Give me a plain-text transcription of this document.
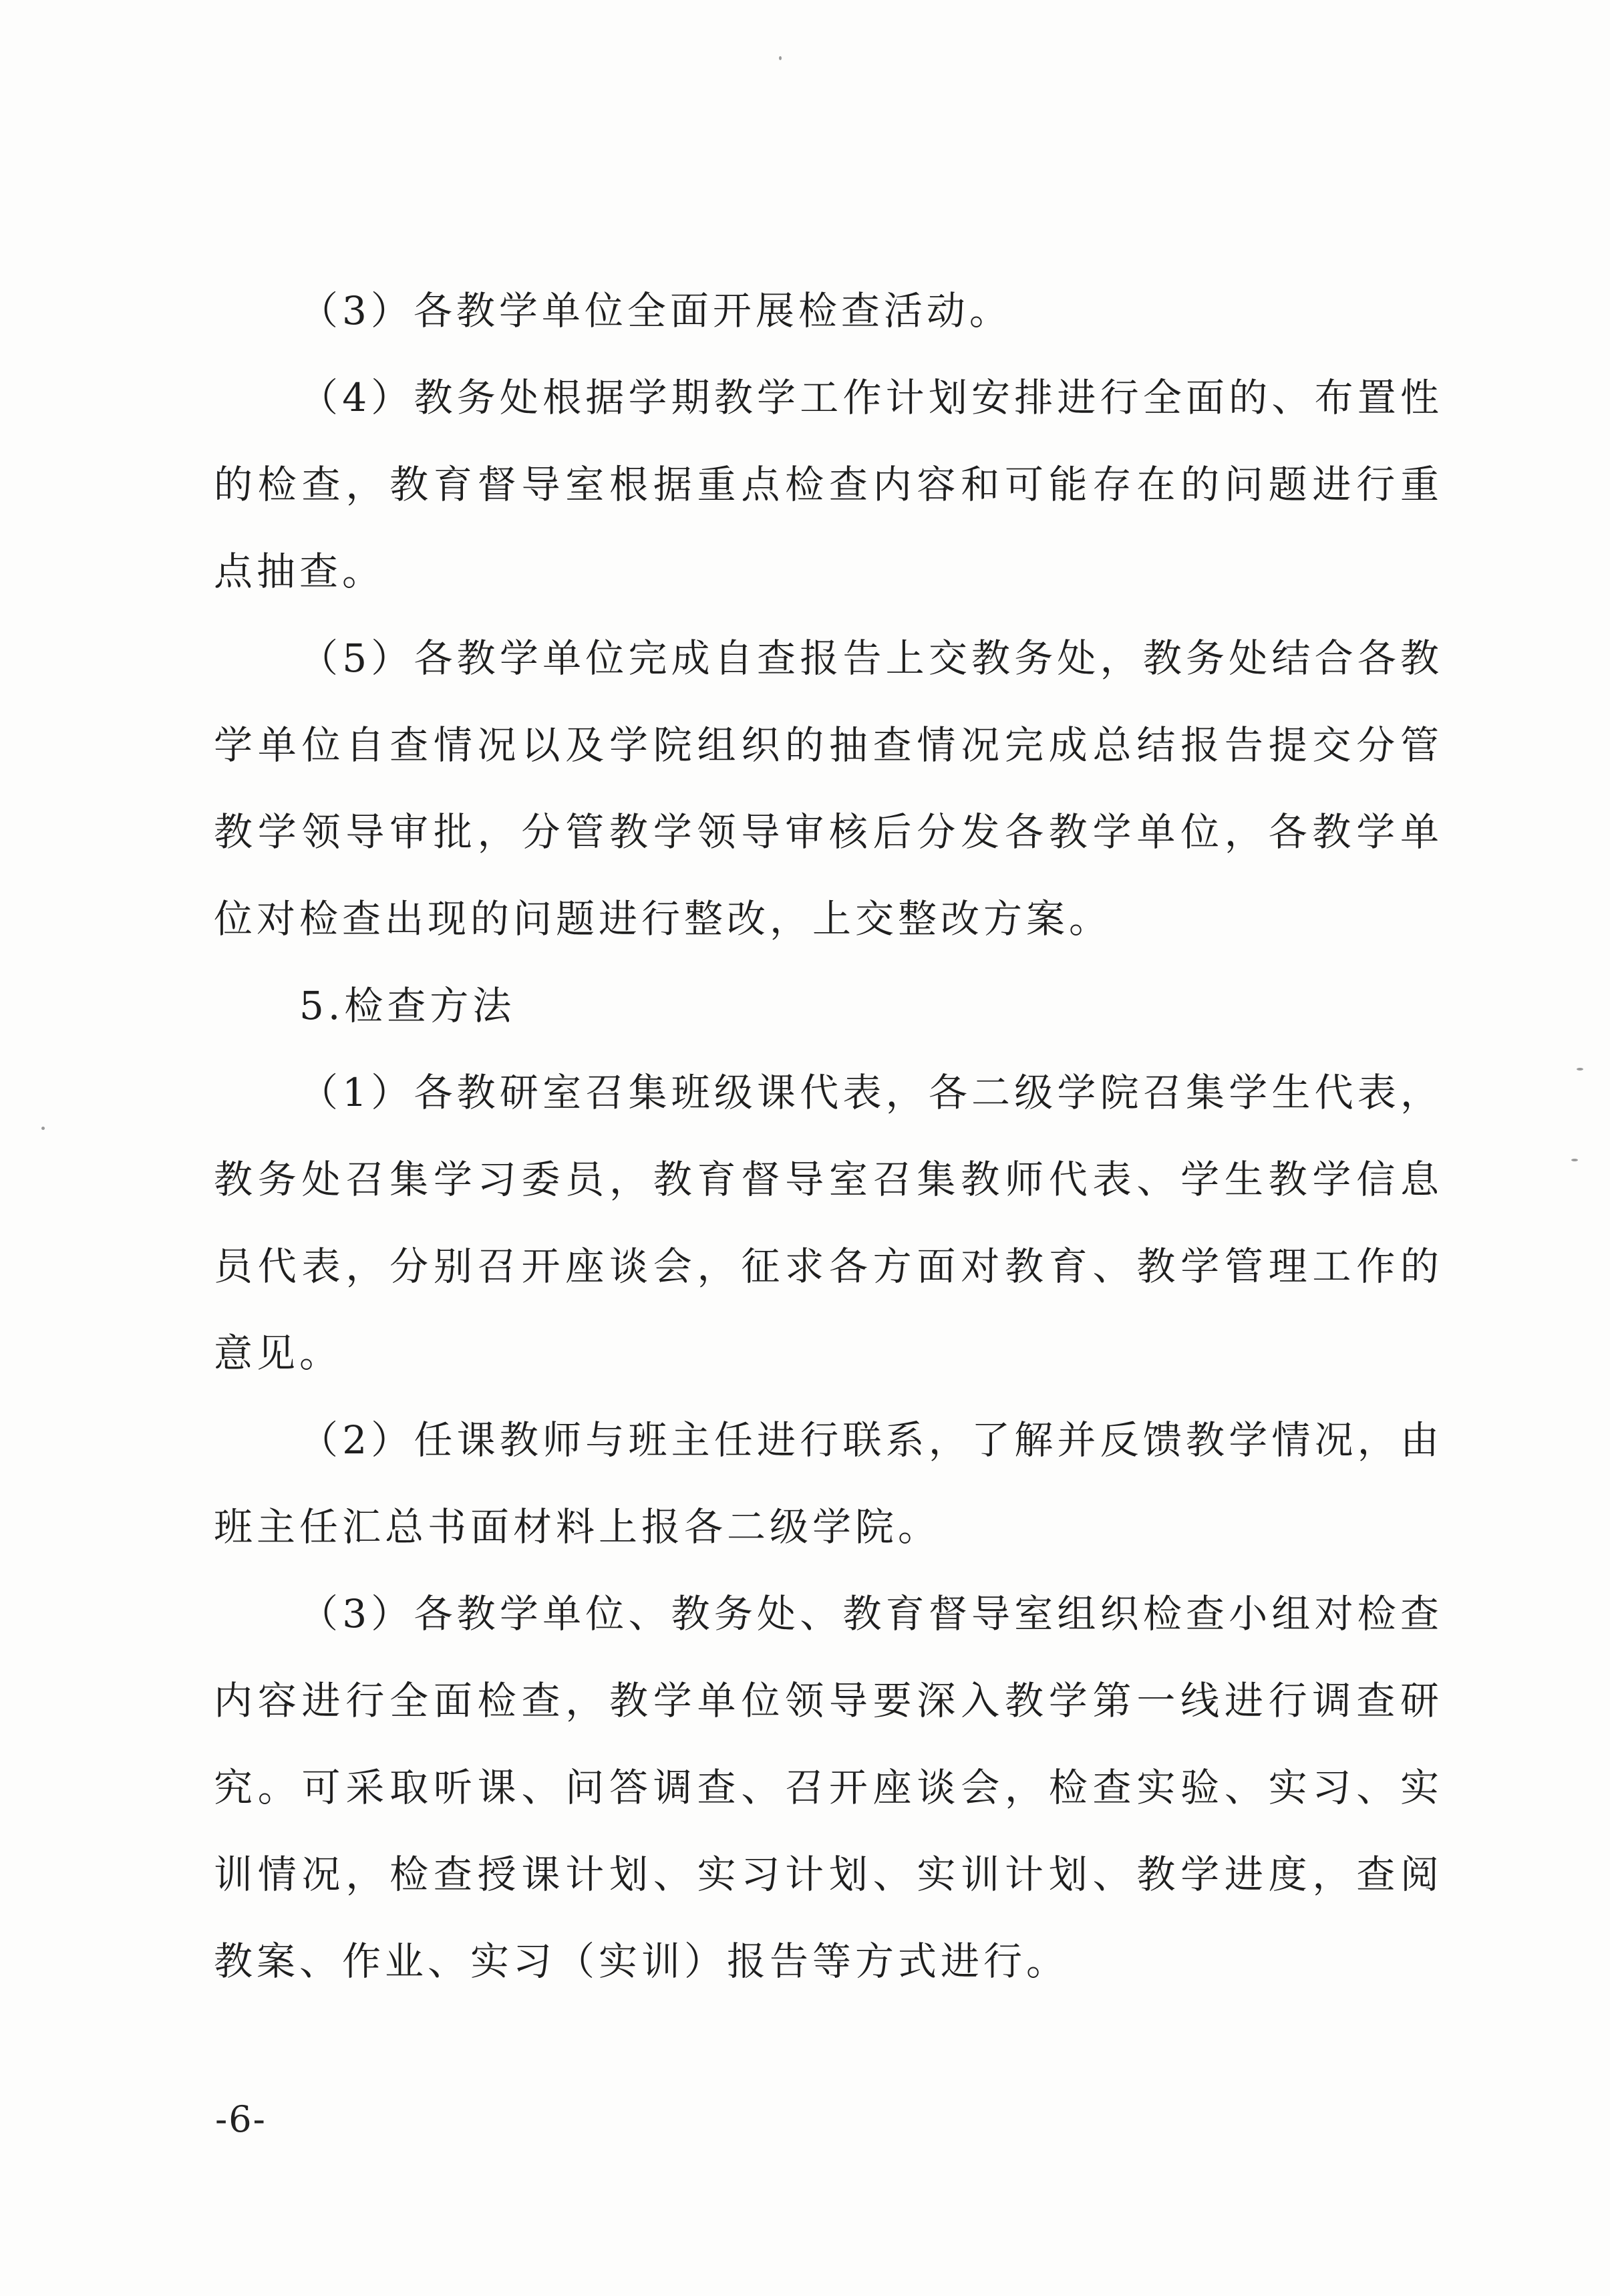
（3）各教学单位全面开展检查活动。

（4）教务处根据学期教学工作计划安排进行全面的、布置性的检查，教育督导室根据重点检查内容和可能存在的问题进行重点抽查。

（5）各教学单位完成自查报告上交教务处，教务处结合各教学单位自查情况以及学院组织的抽查情况完成总结报告提交分管教学领导审批，分管教学领导审核后分发各教学单位，各教学单位对检查出现的问题进行整改，上交整改方案。

5.检查方法

（1）各教研室召集班级课代表，各二级学院召集学生代表，教务处召集学习委员，教育督导室召集教师代表、学生教学信息员代表，分别召开座谈会，征求各方面对教育、教学管理工作的意见。

（2）任课教师与班主任进行联系，了解并反馈教学情况，由班主任汇总书面材料上报各二级学院。

（3）各教学单位、教务处、教育督导室组织检查小组对检查内容进行全面检查，教学单位领导要深入教学第一线进行调查研究。可采取听课、问答调查、召开座谈会，检查实验、实习、实训情况，检查授课计划、实习计划、实训计划、教学进度，查阅教案、作业、实习（实训）报告等方式进行。

-6-
